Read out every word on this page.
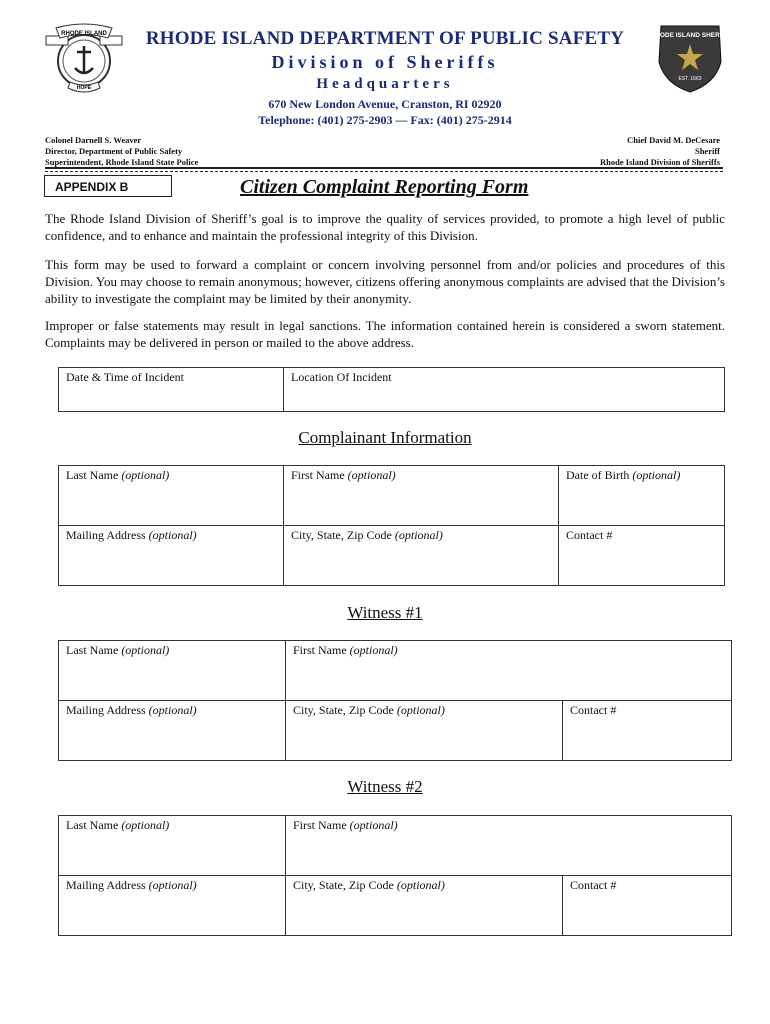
RHODE ISLAND
HOPE
RHODE ISLAND SHERIFF
EST. 1663
RHODE ISLAND DEPARTMENT OF PUBLIC SAFETY
Division of Sheriffs
Headquarters
670 New London Avenue, Cranston, RI 02920
Telephone: (401) 275-2903 — Fax: (401) 275-2914
Colonel Darnell S. Weaver
Director, Department of Public Safety
Superintendent, Rhode Island State Police
Chief David M. DeCesare
Sheriff
Rhode Island Division of Sheriffs
APPENDIX B	Citizen Complaint Reporting Form
The Rhode Island Division of Sheriff’s goal is to improve the quality of services provided, to promote a high level of public confidence, and to enhance and maintain the professional integrity of this Division.
This form may be used to forward a complaint or concern involving personnel from and/or policies and procedures of this Division. You may choose to remain anonymous; however, citizens offering anonymous complaints are advised that the Division’s ability to investigate the complaint may be limited by their anonymity.
Improper or false statements may result in legal sanctions. The information contained herein is considered a sworn statement. Complaints may be delivered in person or mailed to the above address.
Date & Time of Incident	Location Of Incident
Complainant Information
Last Name (optional)	First Name (optional)	Date of Birth (optional)
Mailing Address (optional)	City, State, Zip Code (optional)	Contact #
Witness #1
Last Name (optional)	First Name (optional)	
Mailing Address (optional)	City, State, Zip Code (optional)	Contact #
Witness #2
Last Name (optional)	First Name (optional)	
Mailing Address (optional)	City, State, Zip Code (optional)	Contact #
